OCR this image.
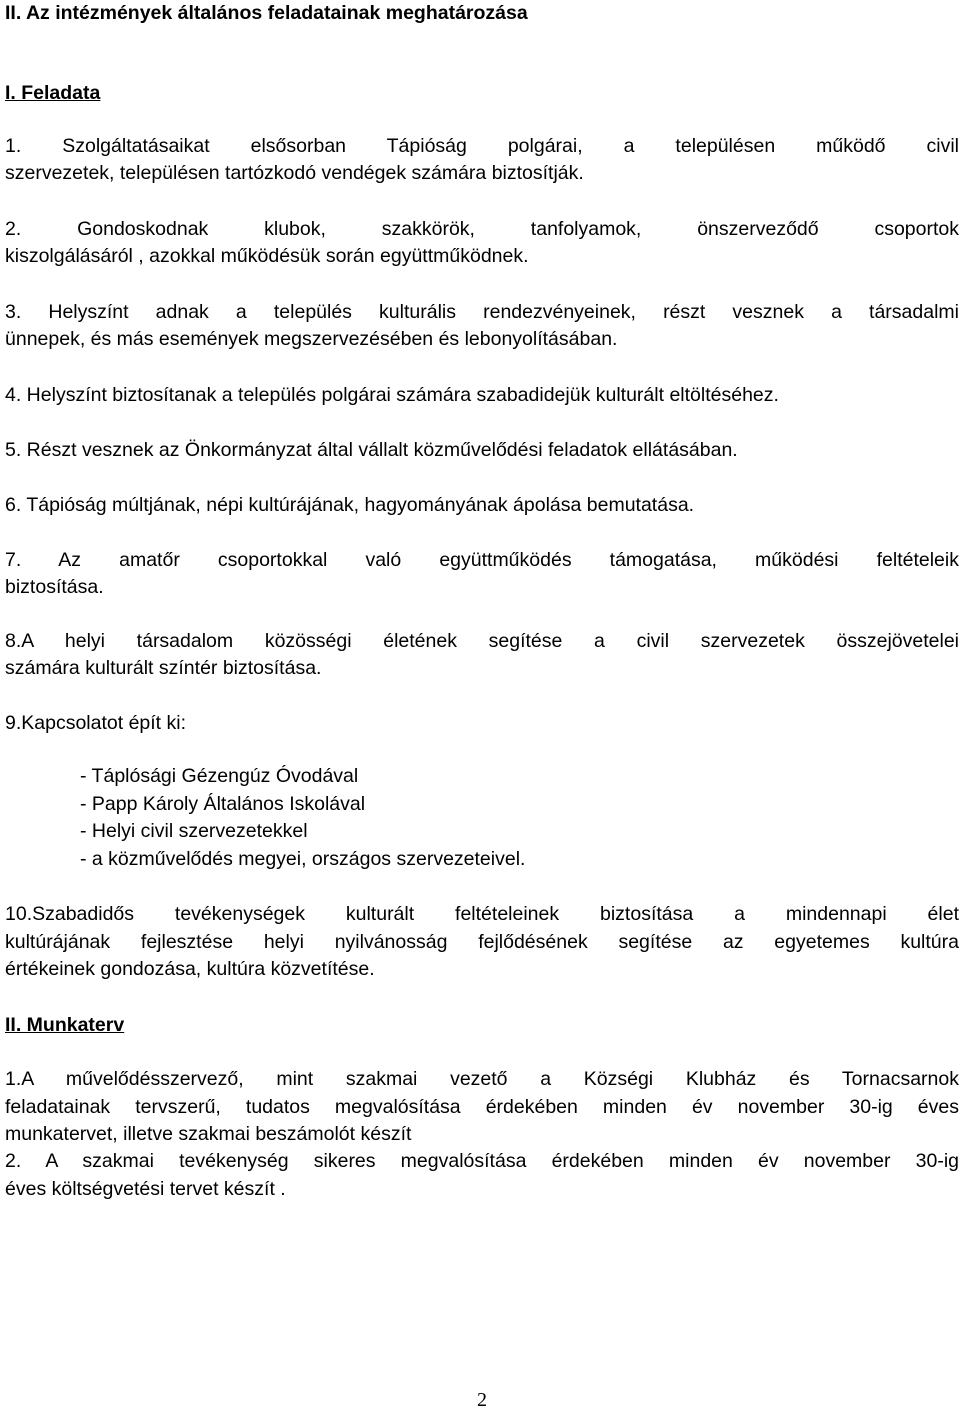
II. Az intézmények általános feladatainak meghatározása
I. Feladata
1. Szolgáltatásaikat elsősorban Tápióság polgárai, a településen működő civil
szervezetek, településen tartózkodó vendégek számára biztosítják.
2. Gondoskodnak klubok, szakkörök, tanfolyamok, önszerveződő csoportok
kiszolgálásáról , azokkal működésük során együttműködnek.
3. Helyszínt adnak a település kulturális rendezvényeinek, részt vesznek a társadalmi
ünnepek, és más események megszervezésében és lebonyolításában.
4. Helyszínt biztosítanak a település polgárai számára szabadidejük kulturált eltöltéséhez.
5. Részt vesznek az Önkormányzat által vállalt közművelődési feladatok ellátásában.
6. Tápióság múltjának, népi kultúrájának, hagyományának ápolása bemutatása.
7. Az amatőr csoportokkal való együttműködés támogatása, működési feltételeik
biztosítása.
8.A helyi társadalom közösségi életének segítése a civil szervezetek összejövetelei
számára kulturált színtér biztosítása.
9.Kapcsolatot épít ki:
- Táplósági Gézengúz Óvodával
- Papp Károly Általános Iskolával
- Helyi civil szervezetekkel
- a közművelődés megyei, országos szervezeteivel.
10.Szabadidős tevékenységek kulturált feltételeinek biztosítása a mindennapi élet
kultúrájának fejlesztése helyi nyilvánosság fejlődésének segítése az egyetemes kultúra
értékeinek gondozása, kultúra közvetítése.
II. Munkaterv
1.A művelődésszervező, mint szakmai vezető a Községi Klubház és Tornacsarnok
feladatainak tervszerű, tudatos megvalósítása érdekében minden év november 30-ig éves
munkatervet, illetve szakmai beszámolót készít
2. A szakmai tevékenység sikeres megvalósítása érdekében minden év november 30-ig
éves költségvetési tervet készít .
2
